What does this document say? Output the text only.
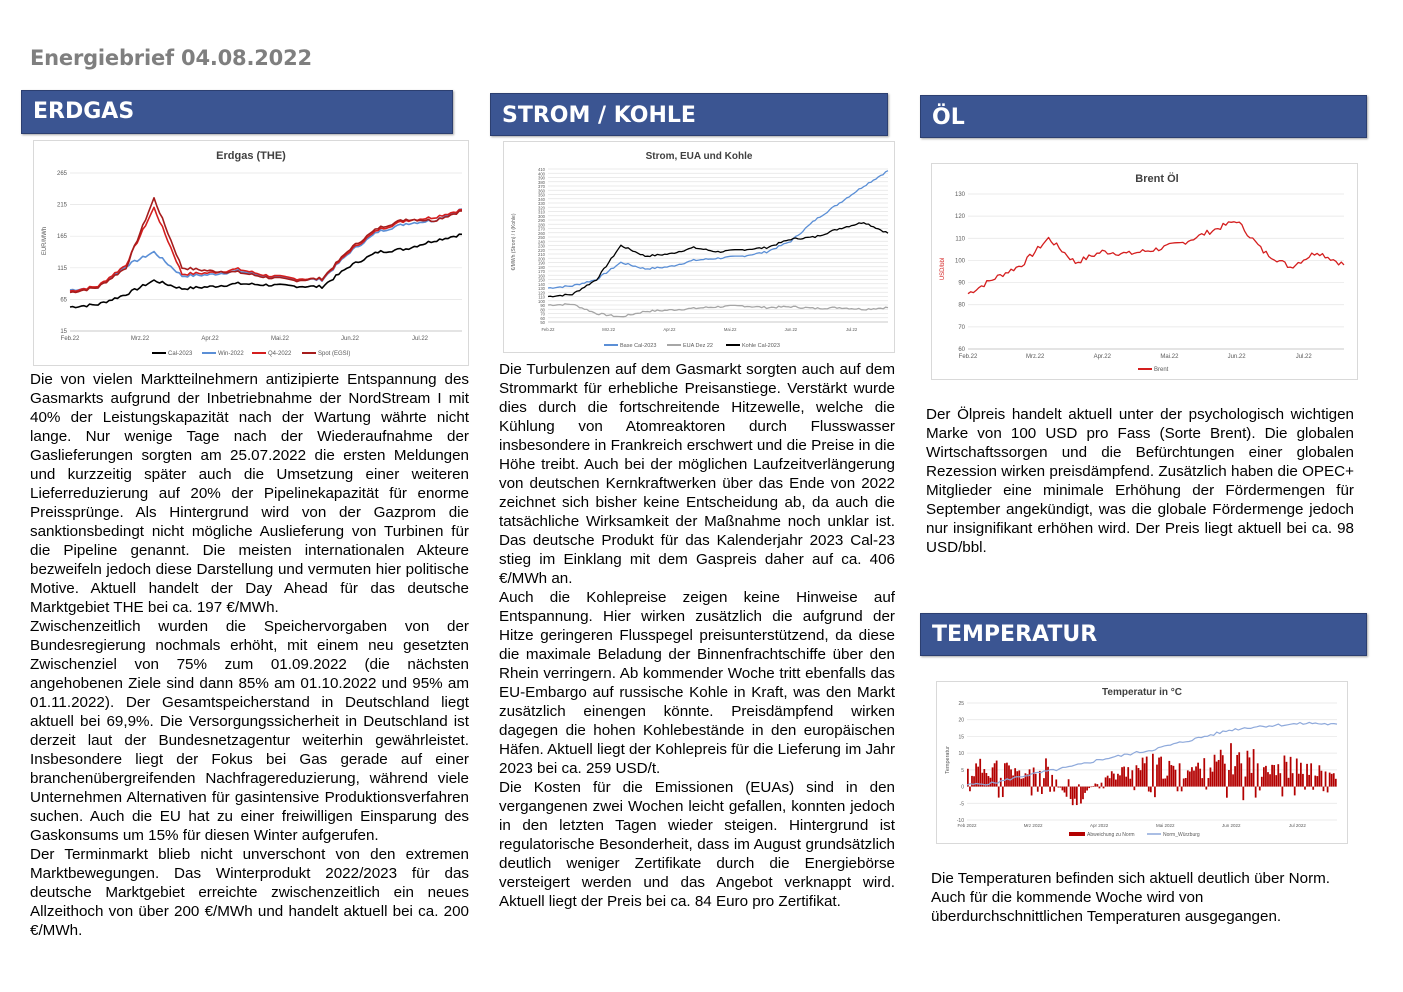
Energiebrief 04.08.2022
ERDGAS	STROM / KOHLE	ÖL
TEMPERATUR
Erdgas (THE)
EUR/MWh
265
215
165
115
65
15
Feb.22	Mrz.22	Apr.22	Mai.22	Jun.22	Jul.22
Cal-2023	Win-2022	Q4-2022	Spot (EGSI)
Strom, EUA und Kohle
€/MWh (Strom) / t (Kohle)
410
400
390
380
370
360
350
340
330
320
310
300
290
280
270
260
250
240
230
220
210
200
190
180
170
160
150
140
130
120
110
100
90
80
70
60
50
Feb.22	Mrz.22	Apr.22	Mai.22	Jun.22	Jul.22
Base Cal-2023	EUA Dez 22	Kohle Cal-2023
Brent Öl
USD/bbl
130
120
110
100
90
80
70
60
Feb.22	Mrz.22	Apr.22	Mai.22	Jun.22	Jul.22
Brent
Temperatur in °C
Temperatur
25
20
15
10
5
0
-5
-10
Feb 2022	Mrz 2022	Apr 2022	Mai 2022	Jun 2022	Jul 2022
Abweichung zu Norm	Norm_Würzburg

Die von vielen Marktteilnehmern antizipierte Entspannung des Gasmarkts aufgrund der Inbetriebnahme der NordStream I mit 40% der Leistungskapazität nach der Wartung währte nicht lange. Nur wenige Tage nach der Wiederaufnahme der Gaslieferungen sorgten am 25.07.2022 die ersten Meldungen und kurzzeitig später auch die Umsetzung einer weiteren Lieferreduzierung auf 20% der Pipelinekapazität für enorme Preissprünge. Als Hintergrund wird von der Gazprom die sanktionsbedingt nicht mögliche Auslieferung von Turbinen für die Pipeline genannt. Die meisten internationalen Akteure bezweifeln jedoch diese Darstellung und vermuten hier politische Motive. Aktuell handelt der Day Ahead für das deutsche Marktgebiet THE bei ca. 197 €/MWh.

Zwischenzeitlich wurden die Speichervorgaben von der Bundesregierung nochmals erhöht, mit einem neu gesetzten Zwischenziel von 75% zum 01.09.2022 (die nächsten angehobenen Ziele sind dann 85% am 01.10.2022 und 95% am 01.11.2022). Der Gesamtspeicherstand in Deutschland liegt aktuell bei 69,9%. Die Versorgungssicherheit in Deutschland ist derzeit laut der Bundesnetzagentur weiterhin gewährleistet. Insbesondere liegt der Fokus bei Gas gerade auf einer branchenübergreifenden Nachfragereduzierung, während viele Unternehmen Alternativen für gasintensive Produktionsverfahren suchen. Auch die EU hat zu einer freiwilligen Einsparung des Gaskonsums um 15% für diesen Winter aufgerufen.

Der Terminmarkt blieb nicht unverschont von den extremen Marktbewegungen. Das Winterprodukt 2022/2023 für das deutsche Marktgebiet erreichte zwischenzeitlich ein neues Allzeithoch von über 200 €/MWh und handelt aktuell bei ca. 200 €/MWh.

Die Turbulenzen auf dem Gasmarkt sorgten auch auf dem Strommarkt für erhebliche Preisanstiege. Verstärkt wurde dies durch die fortschreitende Hitzewelle, welche die Kühlung von Atomreaktoren durch Flusswasser insbesondere in Frankreich erschwert und die Preise in die Höhe treibt. Auch bei der möglichen Laufzeitverlängerung von deutschen Kernkraftwerken über das Ende von 2022 zeichnet sich bisher keine Entscheidung ab, da auch die tatsächliche Wirksamkeit der Maßnahme noch unklar ist. Das deutsche Produkt für das Kalenderjahr 2023 Cal-23 stieg im Einklang mit dem Gaspreis daher auf ca. 406 €/MWh an.

Auch die Kohlepreise zeigen keine Hinweise auf Entspannung. Hier wirken zusätzlich die aufgrund der Hitze geringeren Flusspegel preisunterstützend, da diese die maximale Beladung der Binnenfrachtschiffe über den Rhein verringern. Ab kommender Woche tritt ebenfalls das EU-Embargo auf russische Kohle in Kraft, was den Markt zusätzlich einengen könnte. Preisdämpfend wirken dagegen die hohen Kohlebestände in den europäischen Häfen. Aktuell liegt der Kohlepreis für die Lieferung im Jahr 2023 bei ca. 259 USD/t.

Die Kosten für die Emissionen (EUAs) sind in den vergangenen zwei Wochen leicht gefallen, konnten jedoch in den letzten Tagen wieder steigen. Hintergrund ist regulatorische Besonderheit, dass im August grundsätzlich deutlich weniger Zertifikate durch die Energiebörse versteigert werden und das Angebot verknappt wird. Aktuell liegt der Preis bei ca. 84 Euro pro Zertifikat.

Der Ölpreis handelt aktuell unter der psychologisch wichtigen Marke von 100 USD pro Fass (Sorte Brent). Die globalen Wirtschaftssorgen und die Befürchtungen einer globalen Rezession wirken preisdämpfend. Zusätzlich haben die OPEC+ Mitglieder eine minimale Erhöhung der Fördermengen für September angekündigt, was die globale Fördermenge jedoch nur insignifikant erhöhen wird. Der Preis liegt aktuell bei ca. 98 USD/bbl.

Die Temperaturen befinden sich aktuell deutlich über Norm. Auch für die kommende Woche wird von überdurchschnittlichen Temperaturen ausgegangen.
